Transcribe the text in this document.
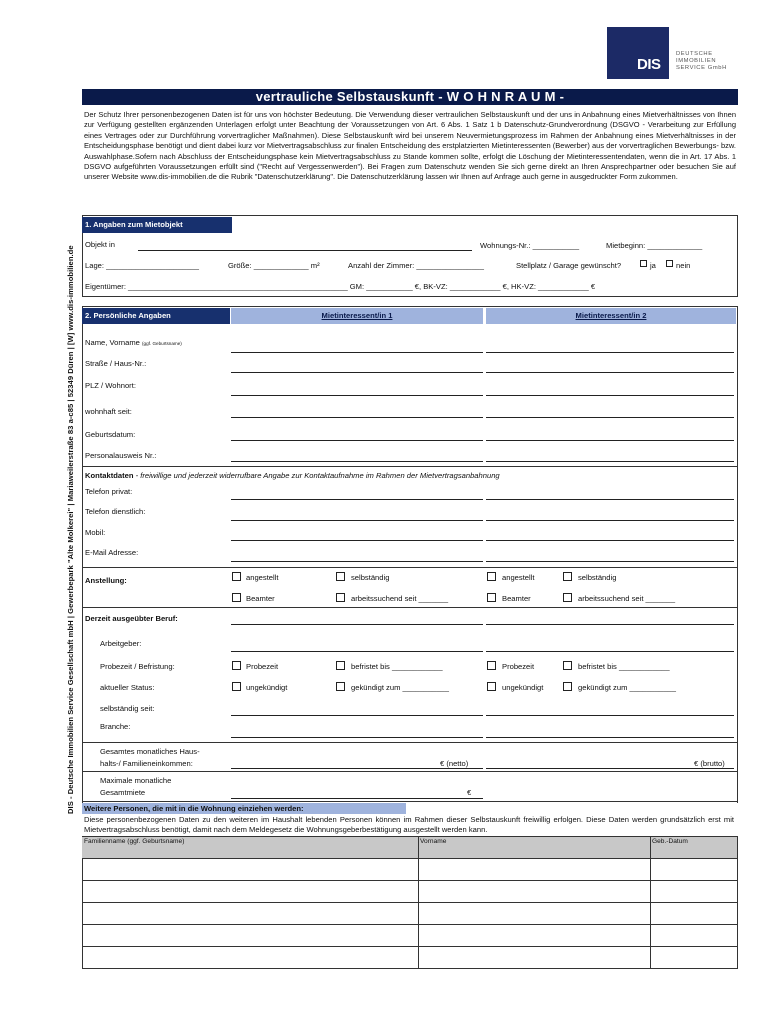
DIS - Deutsche Immobilien Service Gesellschaft mbH | Gewerbepark "Alte Molkerei" | Mariaweilerstraße 83 a-c85 | 52349 Düren | [W] www.dis-immobilien.de
DIS
DEUTSCHE
IMMOBILIEN
SERVICE GmbH
vertrauliche Selbstauskunft - W O H N R A U M -
Der Schutz Ihrer personenbezogenen Daten ist für uns von höchster Bedeutung. Die Verwendung dieser vertraulichen Selbstauskunft und der uns in Anbahnung eines Mietverhältnisses von Ihnen zur Verfügung gestellten ergänzenden Unterlagen erfolgt unter Beachtung der Voraussetzungen von Art. 6 Abs. 1 Satz 1 b Datenschutz-Grundverordnung (DSGVO - Verarbeitung zur Erfüllung eines Vertrages oder zur Durchführung vorvertraglicher Maßnahmen). Diese Selbstauskunft wird bei unserem Neuvermietungsprozess im Rahmen der Anbahnung eines Mietverhältnisses in der Entscheidungsphase benötigt und dient dabei kurz vor Mietvertragsabschluss zur finalen Entscheidung des erstplatzierten Mietinteressenten (Bewerber) aus der vorvertraglichen Bewerbungs- bzw. Auswahlphase.Sofern nach Abschluss der Entscheidungsphase kein Mietvertragsabschluss zu Stande kommen sollte, erfolgt die Löschung der Mietinteressentendaten, wenn die in Art. 17 Abs. 1 DSGVO aufgeführten Voraussetzungen erfüllt sind ("Recht auf Vergessenwerden"). Bei Fragen zum Datenschutz wenden Sie sich gerne direkt an Ihren Ansprechpartner oder besuchen Sie auf unserer Website www.dis-immobilien.de die Rubrik "Datenschutzerklärung". Die Datenschutzerklärung lassen wir Ihnen auf Anfrage auch gerne in ausgedruckter Form zukommen.
1. Angaben zum Mietobjekt
Objekt in	Wohnungs-Nr.: ___________	Mietbeginn: _____________
Lage: ______________________	Größe: _____________ m²	Anzahl der Zimmer: ________________	Stellplatz / Garage gewünscht?	ja	nein
Eigentümer: ____________________________________________________ GM: ___________ €, BK-VZ: ____________ €, HK-VZ: ____________ €
2. Persönliche Angaben	Mietinteressent/in 1	Mietinteressent/in 2
Name, Vorname (ggf. Geburtsname)
Straße / Haus-Nr.:
PLZ / Wohnort:
wohnhaft seit:
Geburtsdatum:
Personalausweis Nr.:
Kontaktdaten - freiwillige und jederzeit widerrufbare Angabe zur Kontaktaufnahme im Rahmen der Mietvertragsanbahnung
Telefon privat:
Telefon dienstlich:
Mobil:
E-Mail Adresse:
Anstellung:	angestellt	selbständig	angestellt	selbständig
Beamter	arbeitssuchend seit _______	Beamter	arbeitssuchend seit _______
Derzeit ausgeübter Beruf:
Arbeitgeber:
Probezeit / Befristung:	Probezeit	befristet bis ____________	Probezeit	befristet bis ____________
aktueller Status:	ungekündigt	gekündigt zum ___________	ungekündigt	gekündigt zum ___________
selbständig seit:
Branche:
Gesamtes monatliches Haus-
halts-/ Familieneinkommen:	€ (netto)	€ (brutto)
Maximale monatliche
Gesamtmiete	€
Weitere Personen, die mit in die Wohnung einziehen werden:
Diese personenbezogenen Daten zu den weiteren im Haushalt lebenden Personen können im Rahmen dieser Selbstauskunft freiwillig erfolgen. Diese Daten werden grundsätzlich erst mit Mietvertragsabschluss benötigt, damit nach dem Meldegesetz die Wohnungsgeberbestätigung ausgestellt werden kann.
Familienname (ggf. Geburtsname)	Vorname	Geb.-Datum
